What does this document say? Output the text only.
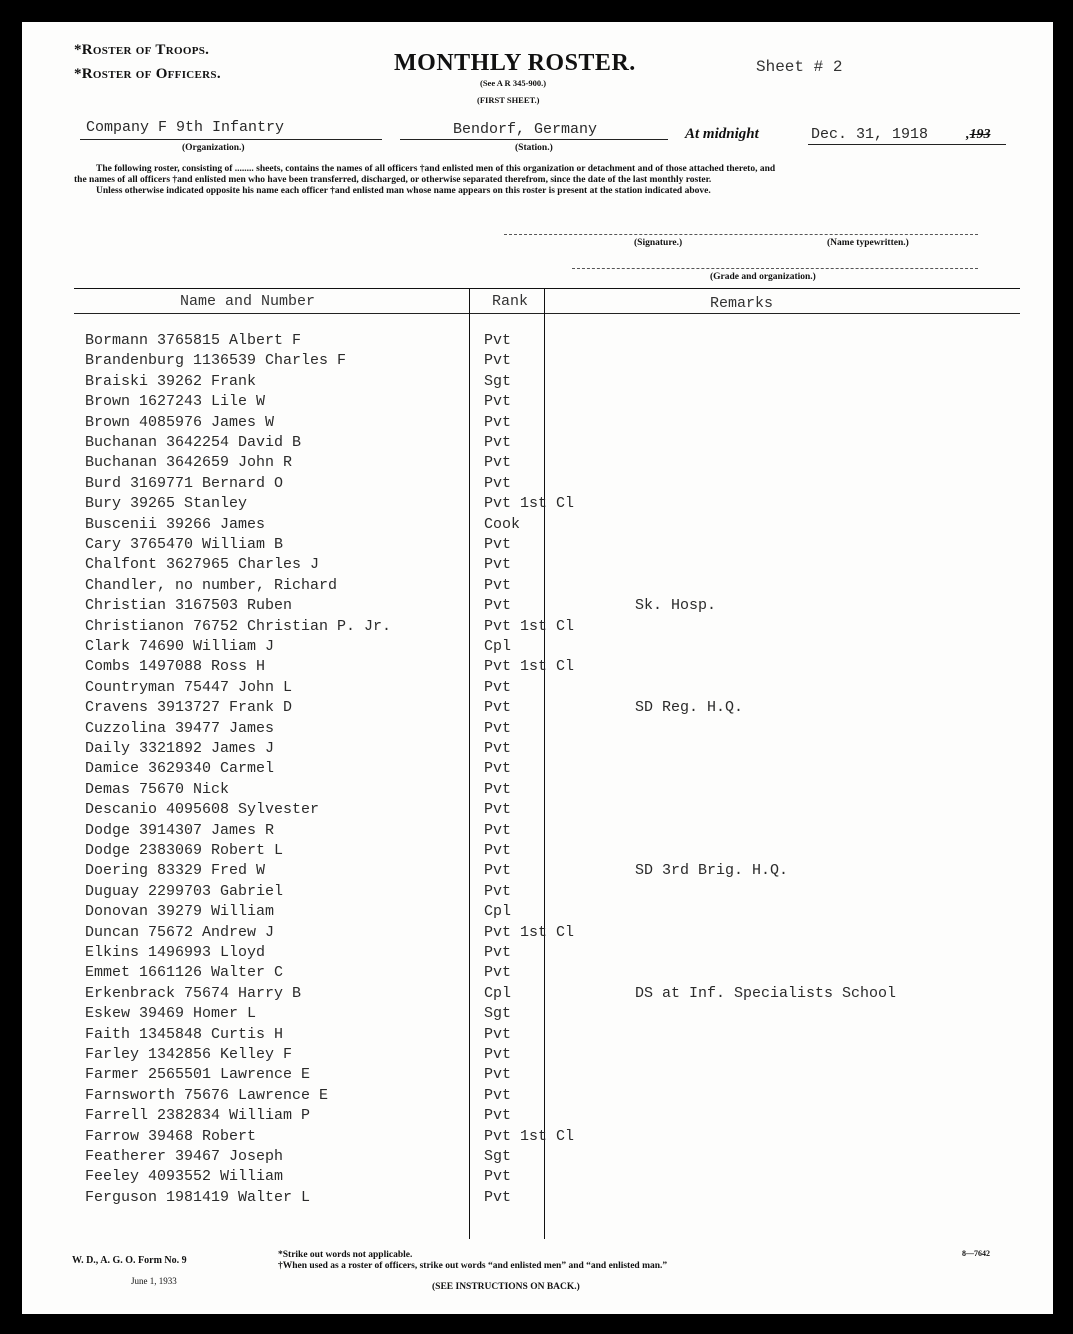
*Roster of Troops.
*Roster of Officers.	MONTHLY ROSTER.
(See A R 345-900.)
(FIRST SHEET.)
Sheet # 2
Company F 9th Infantry
(Organization.)
Bendorf, Germany
(Station.)
At midnight	Dec. 31, 1918	,193
The following roster, consisting of ........ sheets, contains the names of all officers †and enlisted men of this organization or detachment and of those attached thereto, and
the names of all officers †and enlisted men who have been transferred, discharged, or otherwise separated therefrom, since the date of the last monthly roster.
Unless otherwise indicated opposite his name each officer †and enlisted man whose name appears on this roster is present at the station indicated above.
(Signature.)	(Name typewritten.)
(Grade and organization.)
Name and Number	Rank	Remarks
Bormann 3765815 Albert F	Pvt
Brandenburg 1136539 Charles F	Pvt
Braiski 39262 Frank	Sgt
Brown 1627243 Lile W	Pvt
Brown 4085976 James W	Pvt
Buchanan 3642254 David B	Pvt
Buchanan 3642659 John R	Pvt
Burd 3169771 Bernard O	Pvt
Bury 39265 Stanley	Pvt 1st Cl
Buscenii 39266 James	Cook
Cary 3765470 William B	Pvt
Chalfont 3627965 Charles J	Pvt
Chandler, no number, Richard	Pvt
Christian 3167503 Ruben	Pvt	Sk. Hosp.
Christianon 76752 Christian P. Jr.	Pvt 1st Cl
Clark 74690 William J	Cpl
Combs 1497088 Ross H	Pvt 1st Cl
Countryman 75447 John L	Pvt
Cravens 3913727 Frank D	Pvt	SD Reg. H.Q.
Cuzzolina 39477 James	Pvt
Daily 3321892 James J	Pvt
Damice 3629340 Carmel	Pvt
Demas 75670 Nick	Pvt
Descanio 4095608 Sylvester	Pvt
Dodge 3914307 James R	Pvt
Dodge 2383069 Robert L	Pvt
Doering 83329 Fred W	Pvt	SD 3rd Brig. H.Q.
Duguay 2299703 Gabriel	Pvt
Donovan 39279 William	Cpl
Duncan 75672 Andrew J	Pvt 1st Cl
Elkins 1496993 Lloyd	Pvt
Emmet 1661126 Walter C	Pvt
Erkenbrack 75674 Harry B	Cpl	DS at Inf. Specialists School
Eskew 39469 Homer L	Sgt
Faith 1345848 Curtis H	Pvt
Farley 1342856 Kelley F	Pvt
Farmer 2565501 Lawrence E	Pvt
Farnsworth 75676 Lawrence E	Pvt
Farrell 2382834 William P	Pvt
Farrow 39468 Robert	Pvt 1st Cl
Featherer 39467 Joseph	Sgt
Feeley 4093552 William	Pvt
Ferguson 1981419 Walter L	Pvt
W. D., A. G. O. Form No. 9
June 1, 1933
*Strike out words not applicable.
†When used as a roster of officers, strike out words “and enlisted men” and “and enlisted man.”
(SEE INSTRUCTIONS ON BACK.)
8—7642
